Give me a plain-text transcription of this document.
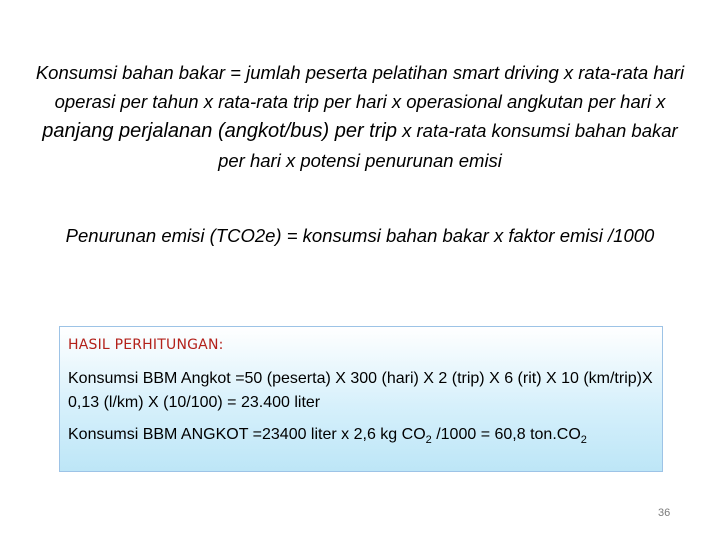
Konsumsi bahan bakar = jumlah peserta pelatihan smart driving x rata-rata hari operasi per tahun x rata-rata trip per hari x operasional angkutan per hari x panjang perjalanan (angkot/bus) per trip x rata-rata konsumsi bahan bakar per hari x potensi penurunan emisi
Penurunan emisi (TCO2e) = konsumsi bahan bakar x faktor emisi /1000

HASIL PERHITUNGAN:

Konsumsi BBM Angkot =50 (peserta) X 300 (hari) X 2 (trip) X 6 (rit) X 10 (km/trip)X 0,13 (l/km) X (10/100) = 23.400 liter

Konsumsi BBM ANGKOT =23400 liter x 2,6 kg $CO_2$ /1000 = 60,8 $ton.CO_2$

36
